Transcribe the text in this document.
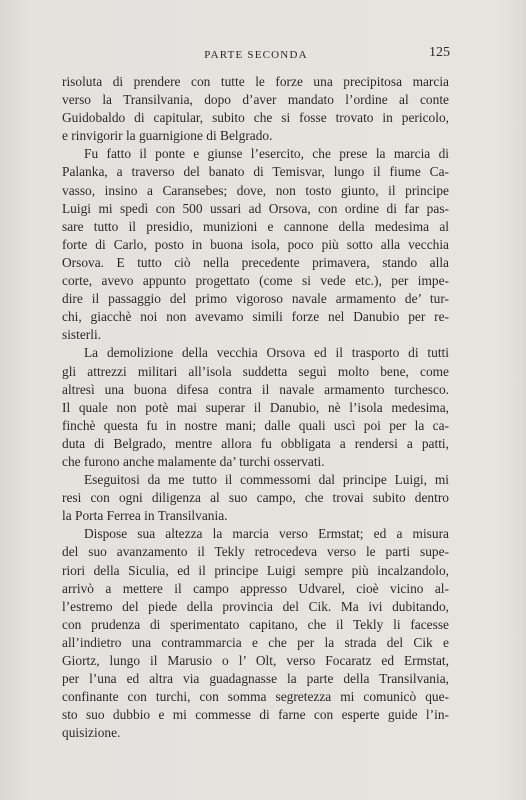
PARTE SECONDA	125
risoluta di prendere con tutte le forze una precipitosa marcia
verso la Transilvania, dopo d’aver mandato l’ordine al conte
Guidobaldo di capitular, subito che si fosse trovato in pericolo,
e rinvigorir la guarnigione di Belgrado.
Fu fatto il ponte e giunse l’esercito, che prese la marcia di
Palanka, a traverso del banato di Temisvar, lungo il fiume Ca-
vasso, insino a Caransebes; dove, non tosto giunto, il principe
Luigi mi spedì con 500 ussari ad Orsova, con ordine di far pas-
sare tutto il presidio, munizioni e cannone della medesima al
forte di Carlo, posto in buona isola, poco più sotto alla vecchia
Orsova. E tutto ciò nella precedente primavera, stando alla
corte, avevo appunto progettato (come si vede etc.), per impe-
dire il passaggio del primo vigoroso navale armamento de’ tur-
chi, giacchè noi non avevamo simili forze nel Danubio per re-
sisterli.
La demolizione della vecchia Orsova ed il trasporto di tutti
gli attrezzi militari all’isola suddetta seguì molto bene, come
altresì una buona difesa contra il navale armamento turchesco.
Il quale non potè mai superar il Danubio, nè l’isola medesima,
finchè questa fu in nostre mani; dalle quali uscì poi per la ca-
duta di Belgrado, mentre allora fu obbligata a rendersi a patti,
che furono anche malamente da’ turchi osservati.
Eseguitosi da me tutto il commessomi dal principe Luigi, mi
resi con ogni diligenza al suo campo, che trovai subito dentro
la Porta Ferrea in Transilvania.
Dispose sua altezza la marcia verso Ermstat; ed a misura
del suo avanzamento il Tekly retrocedeva verso le parti supe-
riori della Siculia, ed il principe Luigi sempre più incalzandolo,
arrivò a mettere il campo appresso Udvarel, cioè vicino al-
l’estremo del piede della provincia del Cik. Ma ivi dubitando,
con prudenza di sperimentato capitano, che il Tekly li facesse
all’indietro una contrammarcia e che per la strada del Cik e
Giortz, lungo il Marusio o l’ Olt, verso Focaratz ed Ermstat,
per l’una ed altra via guadagnasse la parte della Transilvania,
confinante con turchi, con somma segretezza mi comunicò que-
sto suo dubbio e mi commesse di farne con esperte guide l’in-
quisizione.
